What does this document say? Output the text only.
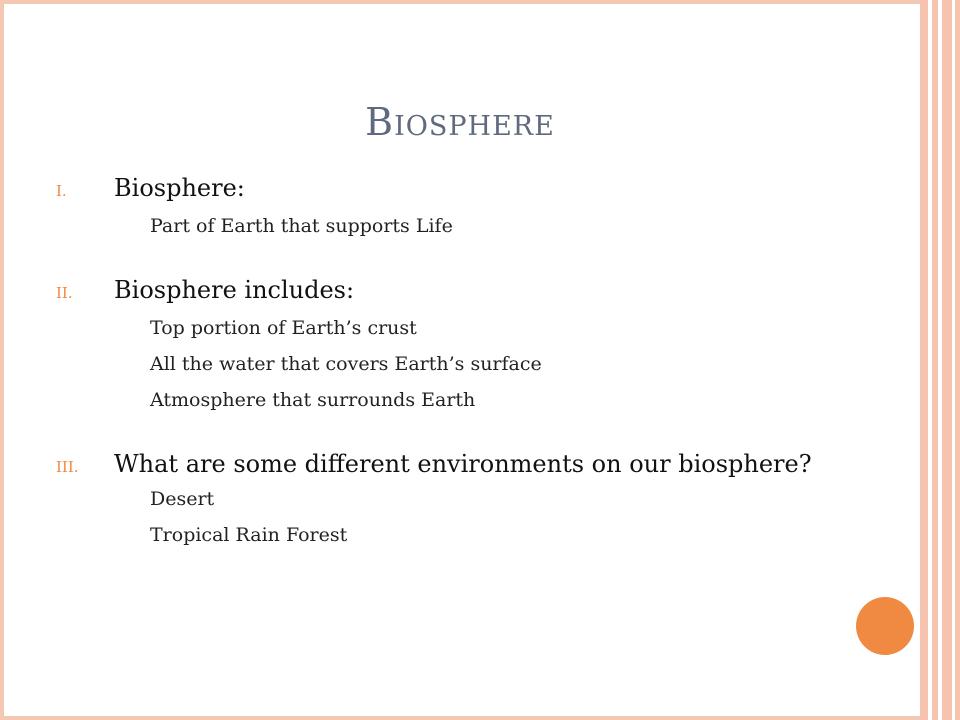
Biosphere
I. Biosphere:
Part of Earth that supports Life
II. Biosphere includes:
Top portion of Earth’s crust
All the water that covers Earth’s surface
Atmosphere that surrounds Earth
III. What are some different environments on our biosphere?
Desert
Tropical Rain Forest
